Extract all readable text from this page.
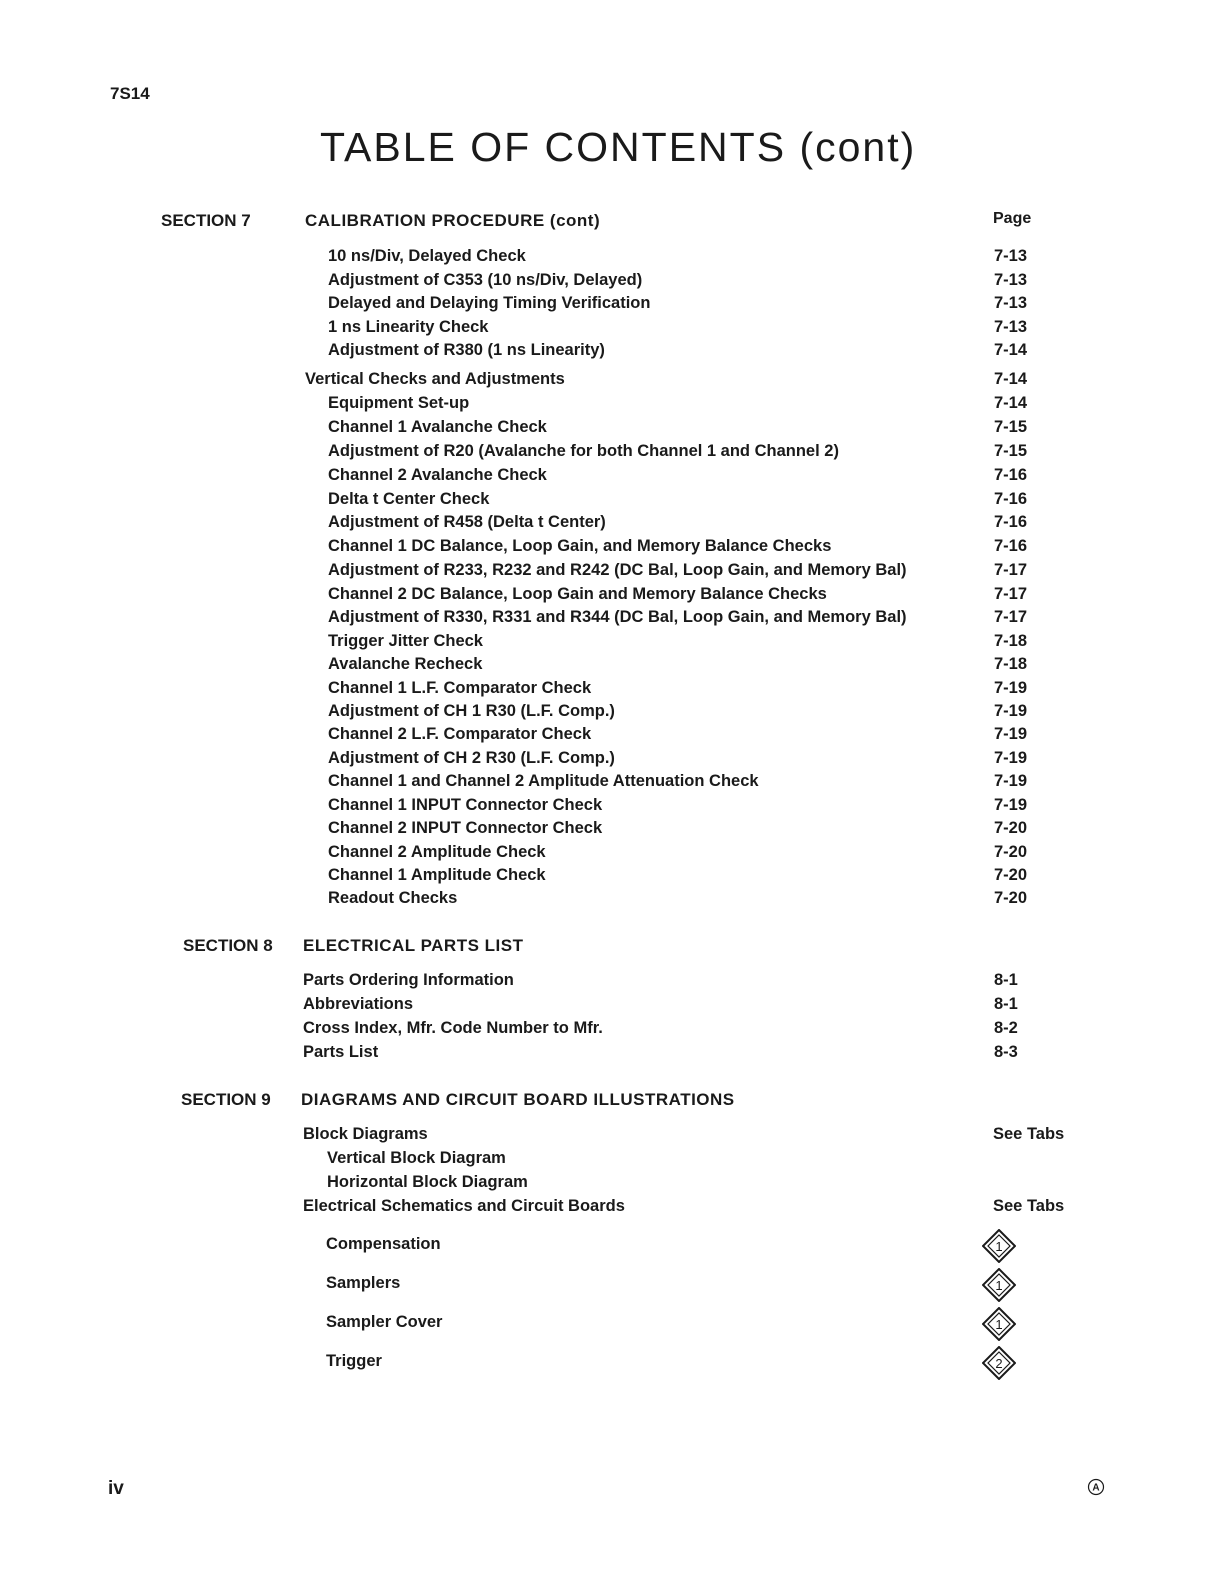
7S14
TABLE OF CONTENTS (cont)
SECTION 7	CALIBRATION PROCEDURE (cont)	Page
10 ns/Div, Delayed Check	7-13
Adjustment of C353 (10 ns/Div, Delayed)	7-13
Delayed and Delaying Timing Verification	7-13
1 ns Linearity Check	7-13
Adjustment of R380 (1 ns Linearity)	7-14
Vertical Checks and Adjustments	7-14
Equipment Set-up	7-14
Channel 1 Avalanche Check	7-15
Adjustment of R20 (Avalanche for both Channel 1 and Channel 2)	7-15
Channel 2 Avalanche Check	7-16
Delta t Center Check	7-16
Adjustment of R458 (Delta t Center)	7-16
Channel 1 DC Balance, Loop Gain, and Memory Balance Checks	7-16
Adjustment of R233, R232 and R242 (DC Bal, Loop Gain, and Memory Bal)	7-17
Channel 2 DC Balance, Loop Gain and Memory Balance Checks	7-17
Adjustment of R330, R331 and R344 (DC Bal, Loop Gain, and Memory Bal)	7-17
Trigger Jitter Check	7-18
Avalanche Recheck	7-18
Channel 1 L.F. Comparator Check	7-19
Adjustment of CH 1 R30 (L.F. Comp.)	7-19
Channel 2 L.F. Comparator Check	7-19
Adjustment of CH 2 R30 (L.F. Comp.)	7-19
Channel 1 and Channel 2 Amplitude Attenuation Check	7-19
Channel 1 INPUT Connector Check	7-19
Channel 2 INPUT Connector Check	7-20
Channel 2 Amplitude Check	7-20
Channel 1 Amplitude Check	7-20
Readout Checks	7-20
SECTION 8 ELECTRICAL PARTS LIST
Parts Ordering Information	8-1
Abbreviations	8-1
Cross Index, Mfr. Code Number to Mfr.	8-2
Parts List	8-3
SECTION 9 DIAGRAMS AND CIRCUIT BOARD ILLUSTRATIONS
Block Diagrams	See Tabs
Vertical Block Diagram
Horizontal Block Diagram
Electrical Schematics and Circuit Boards	See Tabs
Compensation	1
Samplers	1
Sampler Cover	1
Trigger	2
iv	A
